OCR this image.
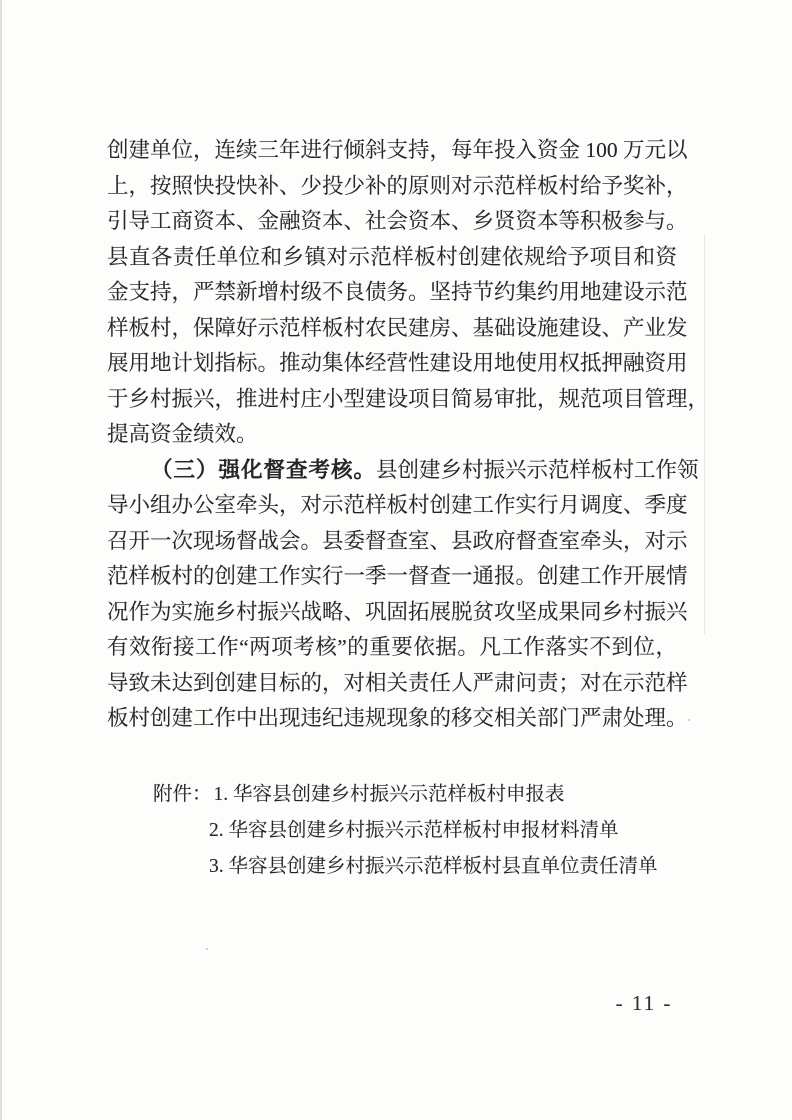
创建单位，连续三年进行倾斜支持，每年投入资金 100 万元以
上，按照快投快补、少投少补的原则对示范样板村给予奖补，
引导工商资本、金融资本、社会资本、乡贤资本等积极参与。
县直各责任单位和乡镇对示范样板村创建依规给予项目和资
金支持，严禁新增村级不良债务。坚持节约集约用地建设示范
样板村，保障好示范样板村农民建房、基础设施建设、产业发
展用地计划指标。推动集体经营性建设用地使用权抵押融资用
于乡村振兴，推进村庄小型建设项目简易审批，规范项目管理，
提高资金绩效。
（三）强化督查考核。县创建乡村振兴示范样板村工作领
导小组办公室牵头，对示范样板村创建工作实行月调度、季度
召开一次现场督战会。县委督查室、县政府督查室牵头，对示
范样板村的创建工作实行一季一督查一通报。创建工作开展情
况作为实施乡村振兴战略、巩固拓展脱贫攻坚成果同乡村振兴
有效衔接工作“两项考核”的重要依据。凡工作落实不到位，
导致未达到创建目标的，对相关责任人严肃问责；对在示范样
板村创建工作中出现违纪违规现象的移交相关部门严肃处理。
附件： 1. 华容县创建乡村振兴示范样板村申报表
2. 华容县创建乡村振兴示范样板村申报材料清单
3. 华容县创建乡村振兴示范样板村县直单位责任清单
- 11 -
